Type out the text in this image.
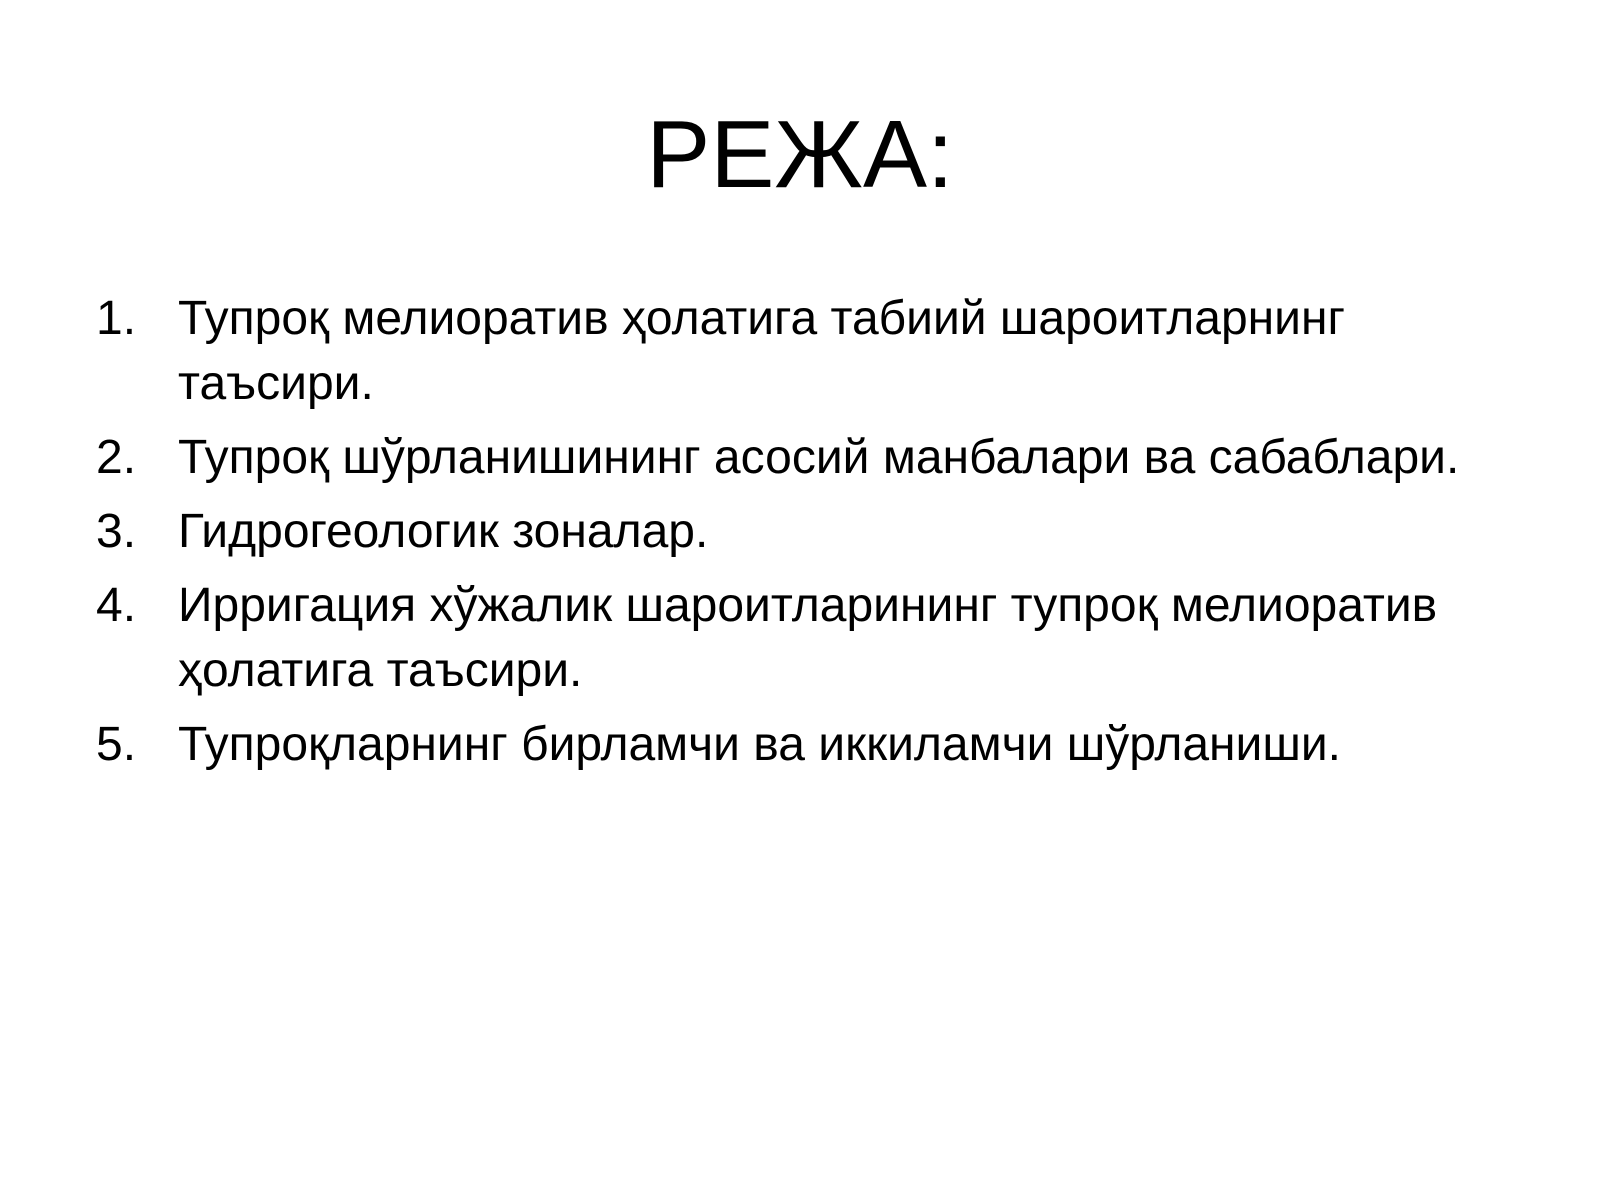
РЕЖА:
1. Тупроқ мелиоратив ҳолатига табиий шароитларнинг таъсири.
2. Тупроқ шўрланишининг асосий манбалари ва сабаблари.
3. Гидрогеологик зоналар.
4. Ирригация хўжалик шароитларининг тупроқ мелиоратив ҳолатига таъсири.
5. Тупроқларнинг бирламчи ва иккиламчи шўрланиши.
